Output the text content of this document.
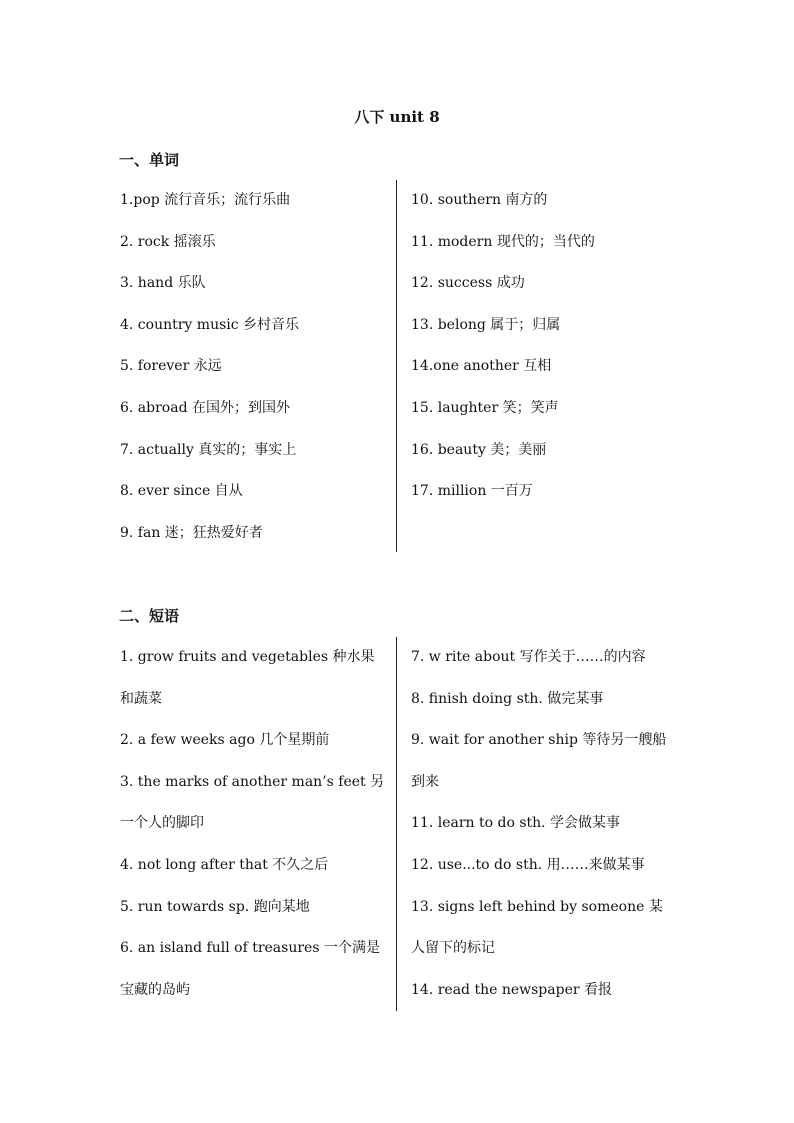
八下 unit 8
一、单词
1.pop 流行音乐；流行乐曲
2. rock 摇滚乐
3. hand 乐队
4. country music 乡村音乐
5. forever 永远
6. abroad 在国外；到国外
7. actually 真实的；事实上
8. ever since 自从
9. fan 迷；狂热爱好者
10. southern 南方的
11. modern 现代的；当代的
12. success 成功
13. belong 属于；归属
14.one another 互相
15. laughter 笑；笑声
16. beauty 美；美丽
17. million 一百万
二、短语
1. grow fruits and vegetables 种水果和蔬菜
2. a few weeks ago 几个星期前
3. the marks of another man’s feet 另一个人的脚印
4. not long after that 不久之后
5. run towards sp. 跑向某地
6. an island full of treasures 一个满是宝藏的岛屿
7. w rite about 写作关于……的内容
8. finish doing sth. 做完某事
9. wait for another ship 等待另一艘船到来
11. learn to do sth. 学会做某事
12. use...to do sth. 用……来做某事
13. signs left behind by someone 某人留下的标记
14. read the newspaper 看报
